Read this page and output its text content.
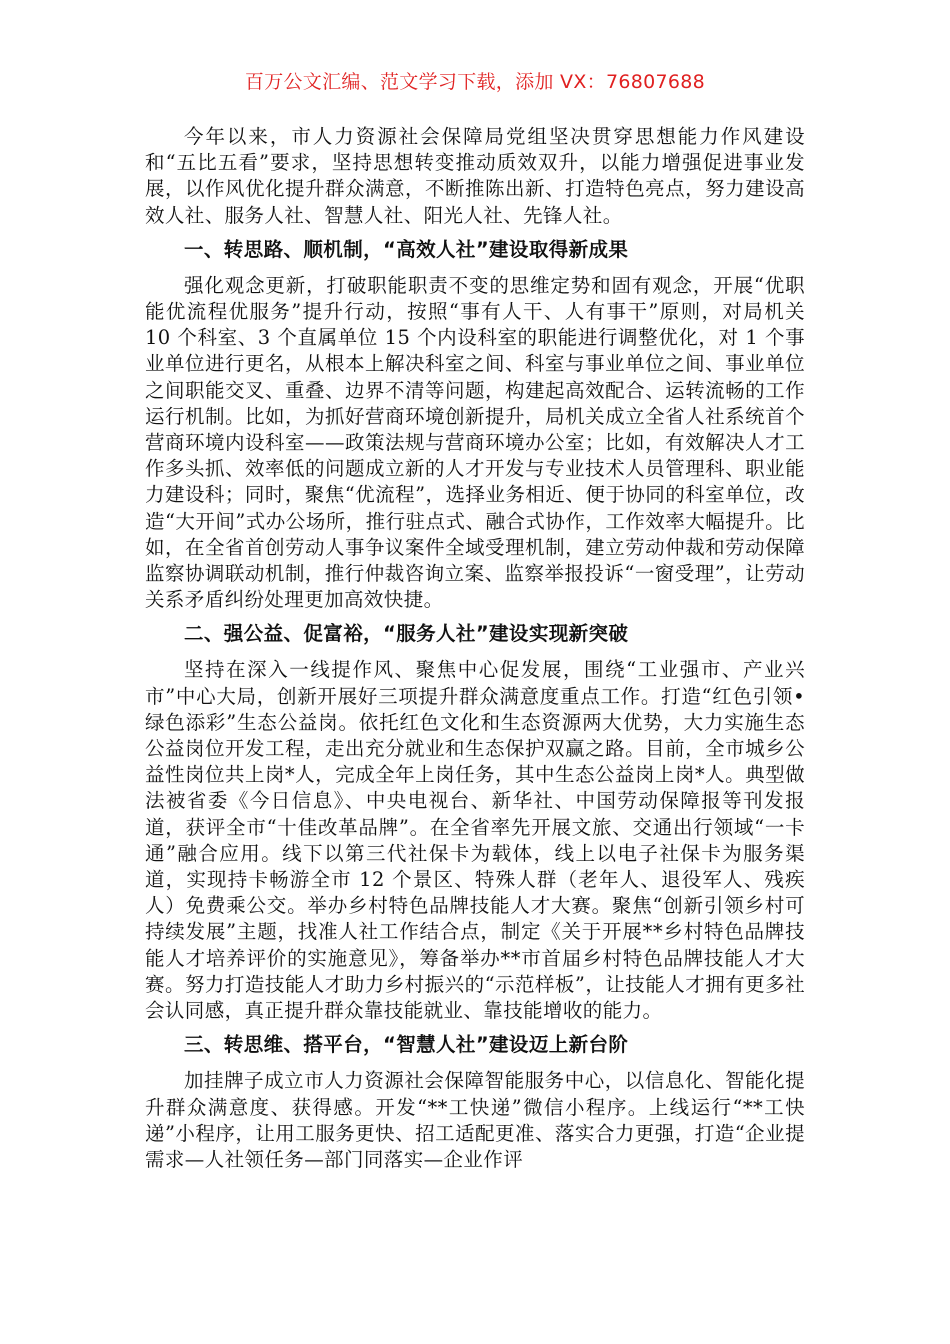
百万公文汇编、范文学习下载，添加 VX：76807688

今年以来，市人力资源社会保障局党组坚决贯穿思想能力作风建设和“五比五看”要求，坚持思想转变推动质效双升，以能力增强促进事业发展，以作风优化提升群众满意，不断推陈出新、打造特色亮点，努力建设高效人社、服务人社、智慧人社、阳光人社、先锋人社。

一、转思路、顺机制，“高效人社”建设取得新成果

强化观念更新，打破职能职责不变的思维定势和固有观念，开展“优职能优流程优服务”提升行动，按照“事有人干、人有事干”原则，对局机关 10 个科室、3 个直属单位 15 个内设科室的职能进行调整优化，对 1 个事业单位进行更名，从根本上解决科室之间、科室与事业单位之间、事业单位之间职能交叉、重叠、边界不清等问题，构建起高效配合、运转流畅的工作运行机制。比如，为抓好营商环境创新提升，局机关成立全省人社系统首个营商环境内设科室——政策法规与营商环境办公室；比如，有效解决人才工作多头抓、效率低的问题成立新的人才开发与专业技术人员管理科、职业能力建设科；同时，聚焦“优流程”，选择业务相近、便于协同的科室单位，改造“大开间”式办公场所，推行驻点式、融合式协作，工作效率大幅提升。比如，在全省首创劳动人事争议案件全域受理机制，建立劳动仲裁和劳动保障监察协调联动机制，推行仲裁咨询立案、监察举报投诉“一窗受理”，让劳动关系矛盾纠纷处理更加高效快捷。

二、强公益、促富裕，“服务人社”建设实现新突破

坚持在深入一线提作风、聚焦中心促发展，围绕“工业强市、产业兴市”中心大局，创新开展好三项提升群众满意度重点工作。打造“红色引领•绿色添彩”生态公益岗。依托红色文化和生态资源两大优势，大力实施生态公益岗位开发工程，走出充分就业和生态保护双赢之路。目前，全市城乡公益性岗位共上岗*人，完成全年上岗任务，其中生态公益岗上岗*人。典型做法被省委《今日信息》、中央电视台、新华社、中国劳动保障报等刊发报道，获评全市“十佳改革品牌”。在全省率先开展文旅、交通出行领域“一卡通”融合应用。线下以第三代社保卡为载体，线上以电子社保卡为服务渠道，实现持卡畅游全市 12 个景区、特殊人群（老年人、退役军人、残疾人）免费乘公交。举办乡村特色品牌技能人才大赛。聚焦“创新引领乡村可持续发展”主题，找准人社工作结合点，制定《关于开展**乡村特色品牌技能人才培养评价的实施意见》，筹备举办**市首届乡村特色品牌技能人才大赛。努力打造技能人才助力乡村振兴的“示范样板”，让技能人才拥有更多社会认同感，真正提升群众靠技能就业、靠技能增收的能力。

三、转思维、搭平台，“智慧人社”建设迈上新台阶

加挂牌子成立市人力资源社会保障智能服务中心，以信息化、智能化提升群众满意度、获得感。开发“**工快递”微信小程序。上线运行“**工快递”小程序，让用工服务更快、招工适配更准、落实合力更强，打造“企业提需求—人社领任务—部门同落实—企业作评
